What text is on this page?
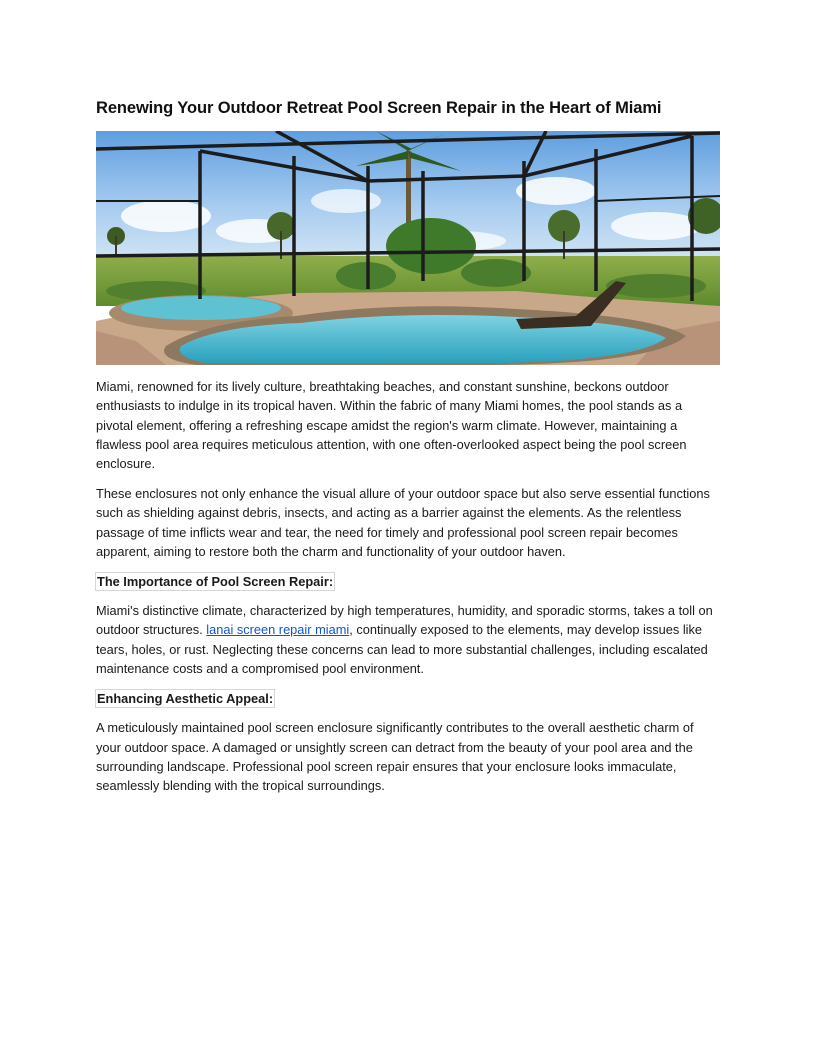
Renewing Your Outdoor Retreat Pool Screen Repair in the Heart of Miami

Miami, renowned for its lively culture, breathtaking beaches, and constant sunshine, beckons outdoor enthusiasts to indulge in its tropical haven. Within the fabric of many Miami homes, the pool stands as a pivotal element, offering a refreshing escape amidst the region's warm climate. However, maintaining a flawless pool area requires meticulous attention, with one often-overlooked aspect being the pool screen enclosure.

These enclosures not only enhance the visual allure of your outdoor space but also serve essential functions such as shielding against debris, insects, and acting as a barrier against the elements. As the relentless passage of time inflicts wear and tear, the need for timely and professional pool screen repair becomes apparent, aiming to restore both the charm and functionality of your outdoor haven.

The Importance of Pool Screen Repair:

Miami's distinctive climate, characterized by high temperatures, humidity, and sporadic storms, takes a toll on outdoor structures. lanai screen repair miami, continually exposed to the elements, may develop issues like tears, holes, or rust. Neglecting these concerns can lead to more substantial challenges, including escalated maintenance costs and a compromised pool environment.

Enhancing Aesthetic Appeal:

A meticulously maintained pool screen enclosure significantly contributes to the overall aesthetic charm of your outdoor space. A damaged or unsightly screen can detract from the beauty of your pool area and the surrounding landscape. Professional pool screen repair ensures that your enclosure looks immaculate, seamlessly blending with the tropical surroundings.
